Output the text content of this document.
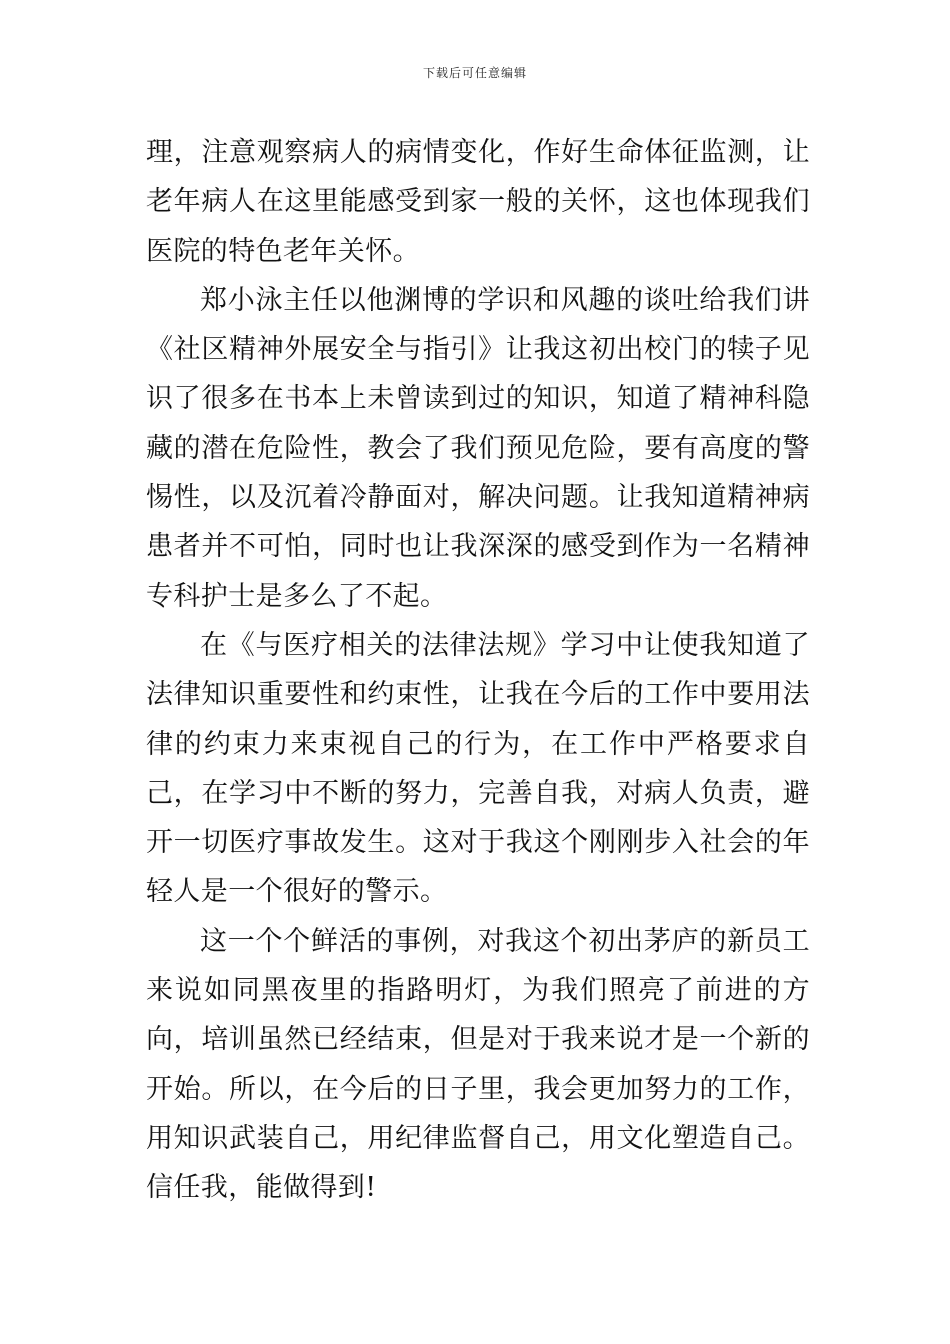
下载后可任意编辑

理，注意观察病人的病情变化，作好生命体征监测，让老年病人在这里能感受到家一般的关怀，这也体现我们医院的特色老年关怀。

郑小泳主任以他渊博的学识和风趣的谈吐给我们讲《社区精神外展安全与指引》让我这初出校门的犊子见识了很多在书本上未曾读到过的知识，知道了精神科隐藏的潜在危险性，教会了我们预见危险，要有高度的警惕性，以及沉着冷静面对，解决问题。让我知道精神病患者并不可怕，同时也让我深深的感受到作为一名精神专科护士是多么了不起。

在《与医疗相关的法律法规》学习中让使我知道了法律知识重要性和约束性，让我在今后的工作中要用法律的约束力来束视自己的行为，在工作中严格要求自己，在学习中不断的努力，完善自我，对病人负责，避开一切医疗事故发生。这对于我这个刚刚步入社会的年轻人是一个很好的警示。

这一个个鲜活的事例，对我这个初出茅庐的新员工来说如同黑夜里的指路明灯，为我们照亮了前进的方向，培训虽然已经结束，但是对于我来说才是一个新的开始。所以，在今后的日子里，我会更加努力的工作，用知识武装自己，用纪律监督自己，用文化塑造自己。信任我，能做得到!
